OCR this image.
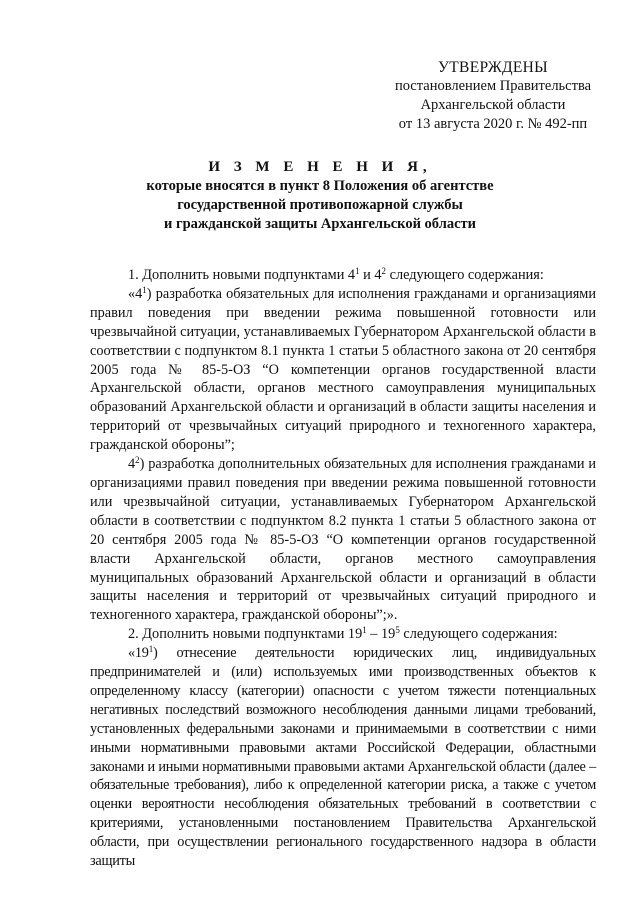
УТВЕРЖДЕНЫ
постановлением Правительства
Архангельской области
от 13 августа 2020 г. № 492-пп
И З М Е Н Е Н И Я,
которые вносятся в пункт 8 Положения об агентстве
государственной противопожарной службы
и гражданской защиты Архангельской области

1. Дополнить новыми подпунктами $4^1$ и $4^2$ следующего содержания:

«$4^1$) разработка обязательных для исполнения гражданами и организациями правил поведения при введении режима повышенной готовности или чрезвычайной ситуации, устанавливаемых Губернатором Архангельской области в соответствии с подпунктом 8.1 пункта 1 статьи 5 областного закона от 20 сентября 2005 года № 85-5-ОЗ “О компетенции органов государственной власти Архангельской области, органов местного самоуправления муниципальных образований Архангельской области и организаций в области защиты населения и территорий от чрезвычайных ситуаций природного и техногенного характера, гражданской обороны”;

$4^2$) разработка дополнительных обязательных для исполнения гражданами и организациями правил поведения при введении режима повышенной готовности или чрезвычайной ситуации, устанавливаемых Губернатором Архангельской области в соответствии с подпунктом 8.2 пункта 1 статьи 5 областного закона от 20 сентября 2005 года № 85-5-ОЗ “О компетенции органов государственной власти Архангельской области, органов местного самоуправления муниципальных образований Архангельской области и организаций в области защиты населения и территорий от чрезвычайных ситуаций природного и техногенного характера, гражданской обороны”;».

2. Дополнить новыми подпунктами $19^1 - 19^5$ следующего содержания:

«$19^1$) отнесение деятельности юридических лиц, индивидуальных предпринимателей и (или) используемых ими производственных объектов к определенному классу (категории) опасности с учетом тяжести потенциальных негативных последствий возможного несоблюдения данными лицами требований, установленных федеральными законами и принимаемыми в соответствии с ними иными нормативными правовыми актами Российской Федерации, областными законами и иными нормативными правовыми актами Архангельской области (далее – обязательные требования), либо к определенной категории риска, а также с учетом оценки вероятности несоблюдения обязательных требований в соответствии с критериями, установленными постановлением Правительства Архангельской области, при осуществлении регионального государственного надзора в области защиты
